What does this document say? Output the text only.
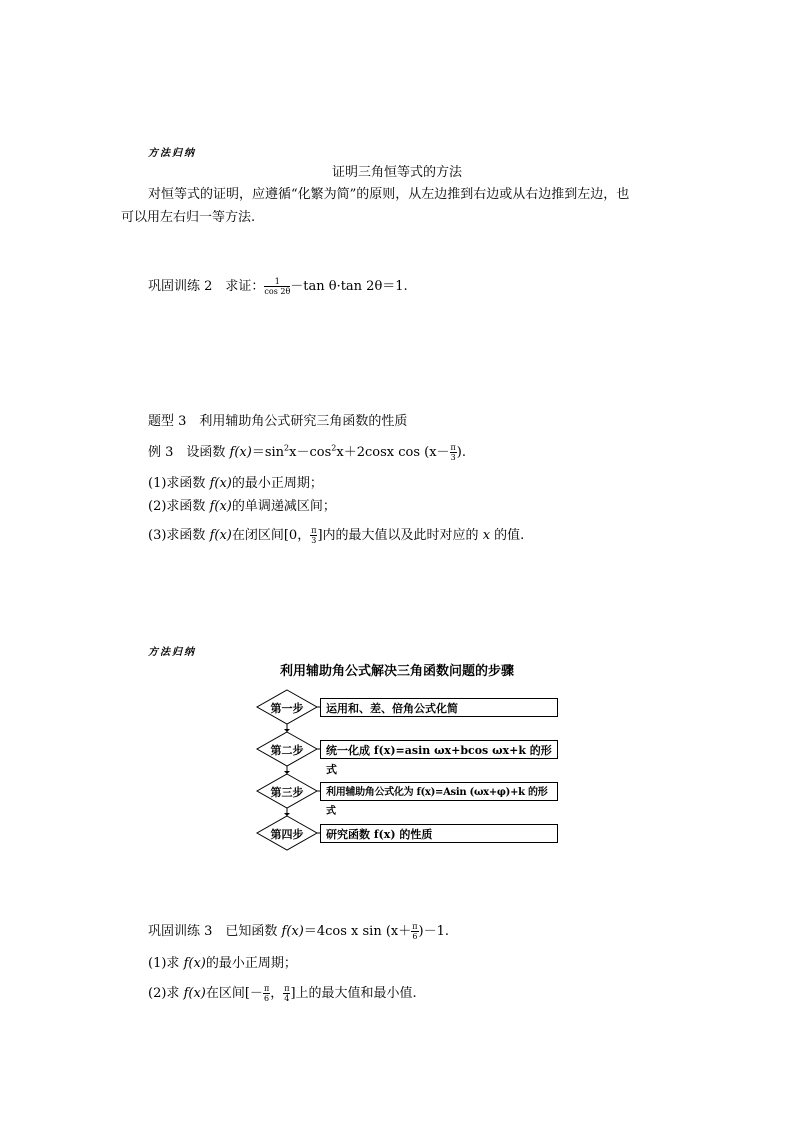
方法归纳
证明三角恒等式的方法
对恒等式的证明，应遵循“化繁为简”的原则，从左边推到右边或从右边推到左边，也
可以用左右归一等方法.
巩固训练 2　求证： $\frac{1}{\cos 2\theta} -\tan$ θ·tan 2θ＝1.
题型 3　利用辅助角公式研究三角函数的性质
例 3　设函数 $f(x)=\sin^2x-\cos^2x+2\cos x$ $\cos (x- \frac{\pi}{3}$ ).
(1)求函数 f(x)的最小正周期；
(2)求函数 f(x)的单调递减区间；
(3)求函数 f(x)在闭区间[0， $\frac{\pi}{3}$ ]内的最大值以及此时对应的 x 的值.
方法归纳
利用辅助角公式解决三角函数问题的步骤
第一步
第二步
第三步
第四步
运用和、差、倍角公式化简
统一化成 f(x)=asin ωx+bcos ωx+k 的形式
利用辅助角公式化为 f(x)=Asin (ωx+φ)+k 的形式
研究函数 f(x) 的性质
巩固训练 3　已知函数 f(x)＝4cos x $\sin (x+ \frac{\pi}{6} )-1$.
(1)求 f(x)的最小正周期；
(2)求 f(x)在区间[－ $\frac{\pi}{6}$ ， $\frac{\pi}{4}$ ]上的最大值和最小值.
